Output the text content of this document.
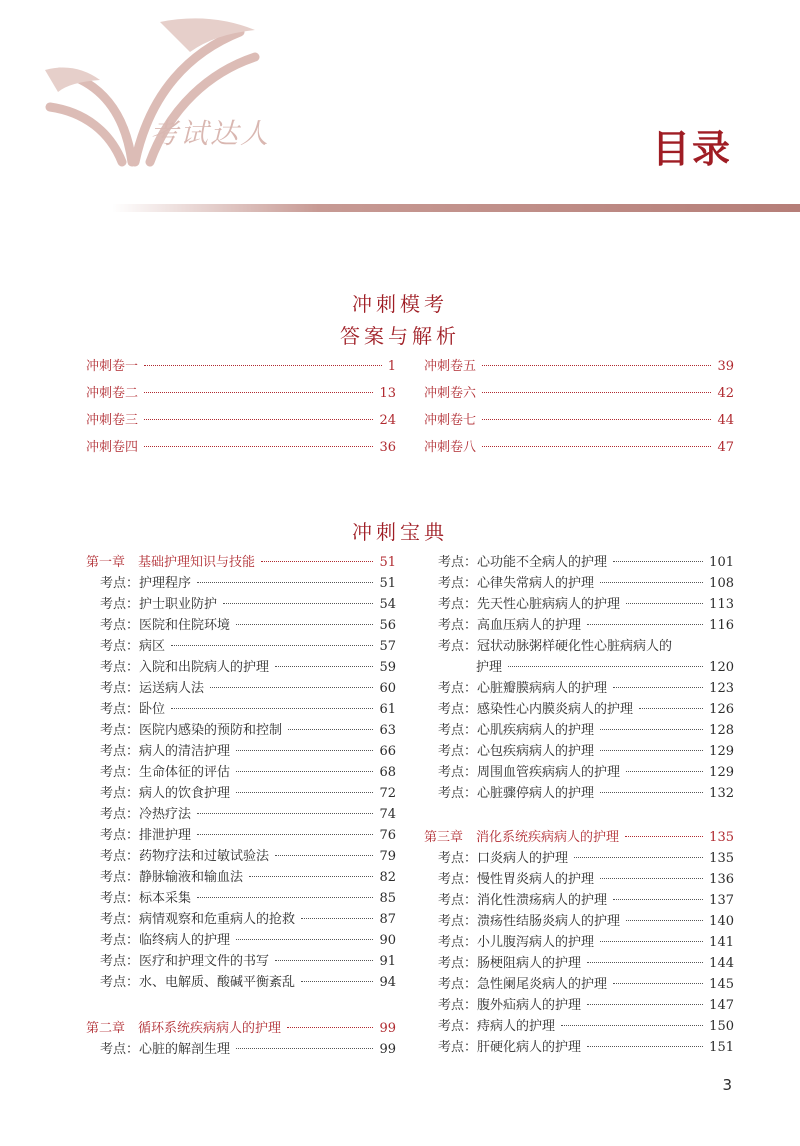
考试达人	目录
冲刺模考
答案与解析
冲刺卷一	1
冲刺卷二	13
冲刺卷三	24
冲刺卷四	36
冲刺卷五	39
冲刺卷六	42
冲刺卷七	44
冲刺卷八	47
冲刺宝典
第一章　基础护理知识与技能	51
考点：护理程序	51
考点：护士职业防护	54
考点：医院和住院环境	56
考点：病区	57
考点：入院和出院病人的护理	59
考点：运送病人法	60
考点：卧位	61
考点：医院内感染的预防和控制	63
考点：病人的清洁护理	66
考点：生命体征的评估	68
考点：病人的饮食护理	72
考点：冷热疗法	74
考点：排泄护理	76
考点：药物疗法和过敏试验法	79
考点：静脉输液和输血法	82
考点：标本采集	85
考点：病情观察和危重病人的抢救	87
考点：临终病人的护理	90
考点：医疗和护理文件的书写	91
考点：水、电解质、酸碱平衡紊乱	94
第二章　循环系统疾病病人的护理	99
考点：心脏的解剖生理	99
考点：心功能不全病人的护理	101
考点：心律失常病人的护理	108
考点：先天性心脏病病人的护理	113
考点：高血压病人的护理	116
考点：冠状动脉粥样硬化性心脏病病人的
护理	120
考点：心脏瓣膜病病人的护理	123
考点：感染性心内膜炎病人的护理	126
考点：心肌疾病病人的护理	128
考点：心包疾病病人的护理	129
考点：周围血管疾病病人的护理	129
考点：心脏骤停病人的护理	132
第三章　消化系统疾病病人的护理	135
考点：口炎病人的护理	135
考点：慢性胃炎病人的护理	136
考点：消化性溃疡病人的护理	137
考点：溃疡性结肠炎病人的护理	140
考点：小儿腹泻病人的护理	141
考点：肠梗阻病人的护理	144
考点：急性阑尾炎病人的护理	145
考点：腹外疝病人的护理	147
考点：痔病人的护理	150
考点：肝硬化病人的护理	151
3
